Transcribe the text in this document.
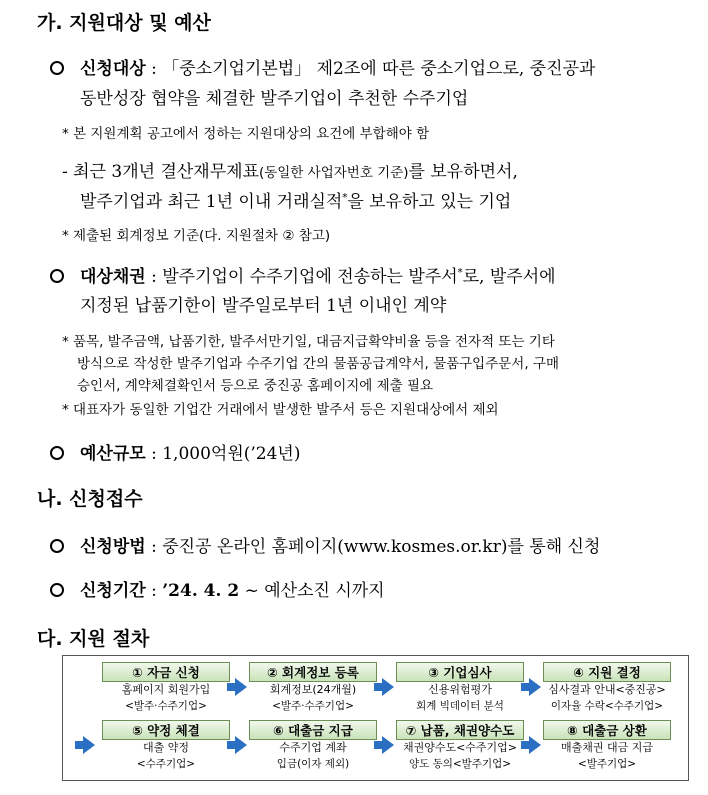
가. 지원대상 및 예산
신청대상 : 「중소기업기본법」 제2조에 따른 중소기업으로, 중진공과
동반성장 협약을 체결한 발주기업이 추천한 수주기업
* 본 지원계획 공고에서 정하는 지원대상의 요건에 부합해야 함
- 최근 3개년 결산재무제표(동일한 사업자번호 기준)를 보유하면서,
발주기업과 최근 1년 이내 거래실적*을 보유하고 있는 기업
* 제출된 회계정보 기준(다. 지원절차 ② 참고)
대상채권 : 발주기업이 수주기업에 전송하는 발주서*로, 발주서에
지정된 납품기한이 발주일로부터 1년 이내인 계약
* 품목, 발주금액, 납품기한, 발주서만기일, 대금지급확약비율 등을 전자적 또는 기타
방식으로 작성한 발주기업과 수주기업 간의 물품공급계약서, 물품구입주문서, 구매
승인서, 계약체결확인서 등으로 중진공 홈페이지에 제출 필요
* 대표자가 동일한 기업간 거래에서 발생한 발주서 등은 지원대상에서 제외
예산규모 : 1,000억원(’24년)
나. 신청접수
신청방법 : 중진공 온라인 홈페이지(www.kosmes.or.kr)를 통해 신청
신청기간 : ’24. 4. 2 ~ 예산소진 시까지
다. 지원 절차
① 자금 신청
홈페이지 회원가입
<발주·수주기업>
② 회계정보 등록
회계정보(24개월)
<발주·수주기업>
③ 기업심사
신용위험평가
회계 빅데이터 분석
④ 지원 결정
심사결과 안내<중진공>
이자율 수락<수주기업>
⑤ 약정 체결
대출 약정
<수주기업>
⑥ 대출금 지급
수주기업 계좌
입금(이자 제외)
⑦ 납품, 채권양수도
채권양수도<수주기업>
양도 동의<발주기업>
⑧ 대출금 상환
매출채권 대금 지급
<발주기업>
